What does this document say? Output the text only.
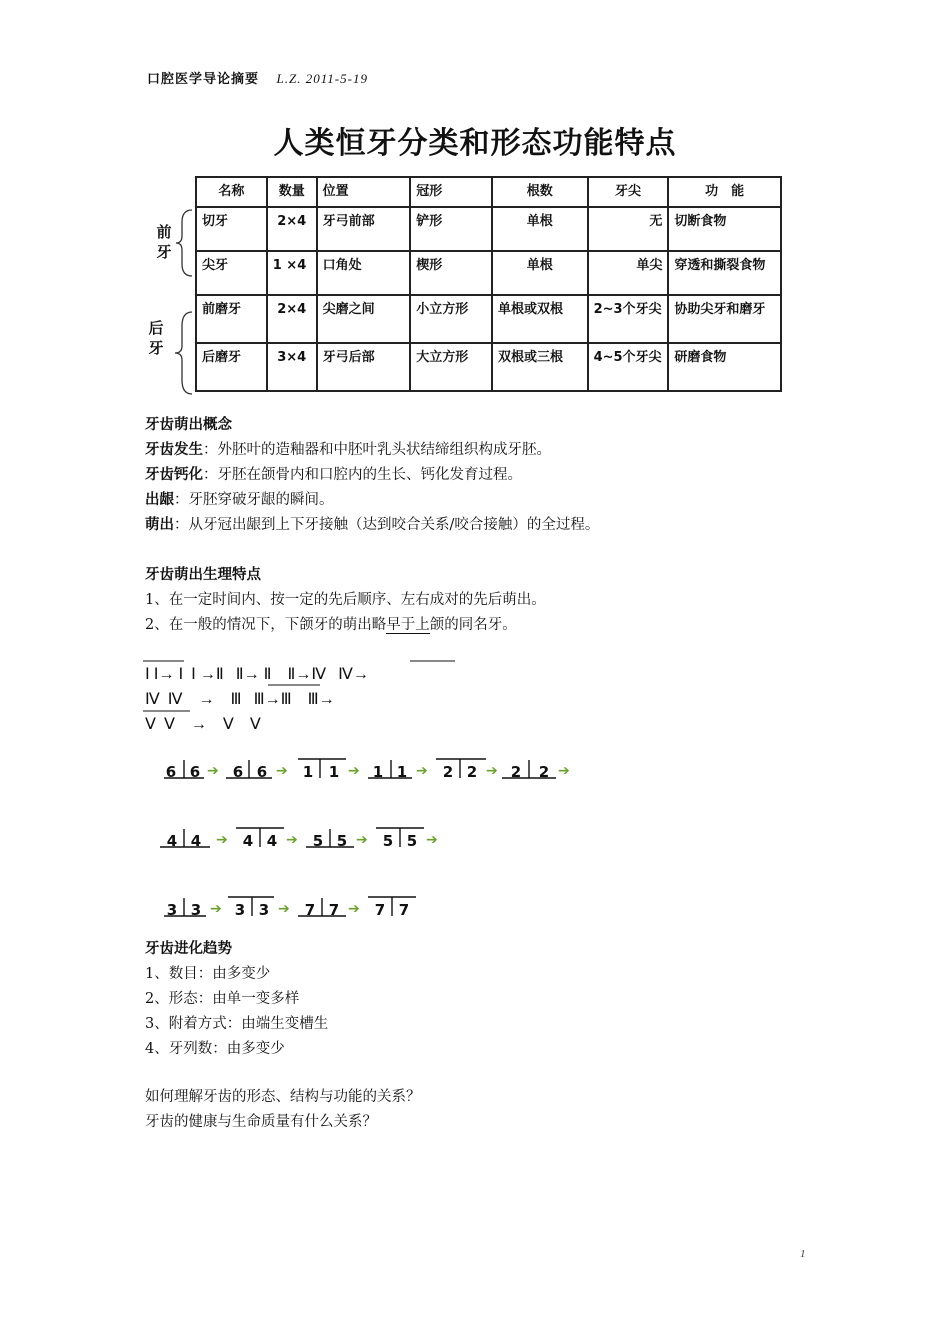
口腔医学导论摘要 L.Z. 2011-5-19
人类恒牙分类和形态功能特点
前牙
后牙
名称	数量	位置	冠形	根数	牙尖	功　能
切牙	2×4	牙弓前部	铲形	单根	无	切断食物
尖牙	1 ×4	口角处	楔形	单根	单尖	穿透和撕裂食物
前磨牙	2×4	尖磨之间	小立方形	单根或双根	2~3个牙尖	协助尖牙和磨牙
后磨牙	3×4	牙弓后部	大立方形	双根或三根	4~5个牙尖	研磨食物
牙齿萌出概念
牙齿发生：外胚叶的造釉器和中胚叶乳头状结缔组织构成牙胚。
牙齿钙化：牙胚在颌骨内和口腔内的生长、钙化发育过程。
出龈：牙胚穿破牙龈的瞬间。
萌出：从牙冠出龈到上下牙接触（达到咬合关系/咬合接触）的全过程。
牙齿萌出生理特点
1、在一定时间内、按一定的先后顺序、左右成对的先后萌出。
2、在一般的情况下，下颌牙的萌出略早于上颌的同名牙。
Ⅰ Ⅰ→ Ⅰ  Ⅰ →Ⅱ   Ⅱ→ Ⅱ    Ⅱ→Ⅳ   Ⅳ→
Ⅳ  Ⅳ    →    Ⅲ   Ⅲ→Ⅲ    Ⅲ→
Ⅴ  Ⅴ    →    Ⅴ    Ⅴ
6 6 ➔ 6 6 ➔ 1 1 ➔ 1 1 ➔ 2 2 ➔ 2 2 ➔
4 4 ➔ 4 4 ➔ 5 5 ➔ 5 5 ➔
3 3 ➔ 3 3 ➔ 7 7 ➔ 7 7
牙齿进化趋势
1、数目：由多变少
2、形态：由单一变多样
3、附着方式：由端生变槽生
4、牙列数：由多变少
如何理解牙齿的形态、结构与功能的关系？
牙齿的健康与生命质量有什么关系？
1
